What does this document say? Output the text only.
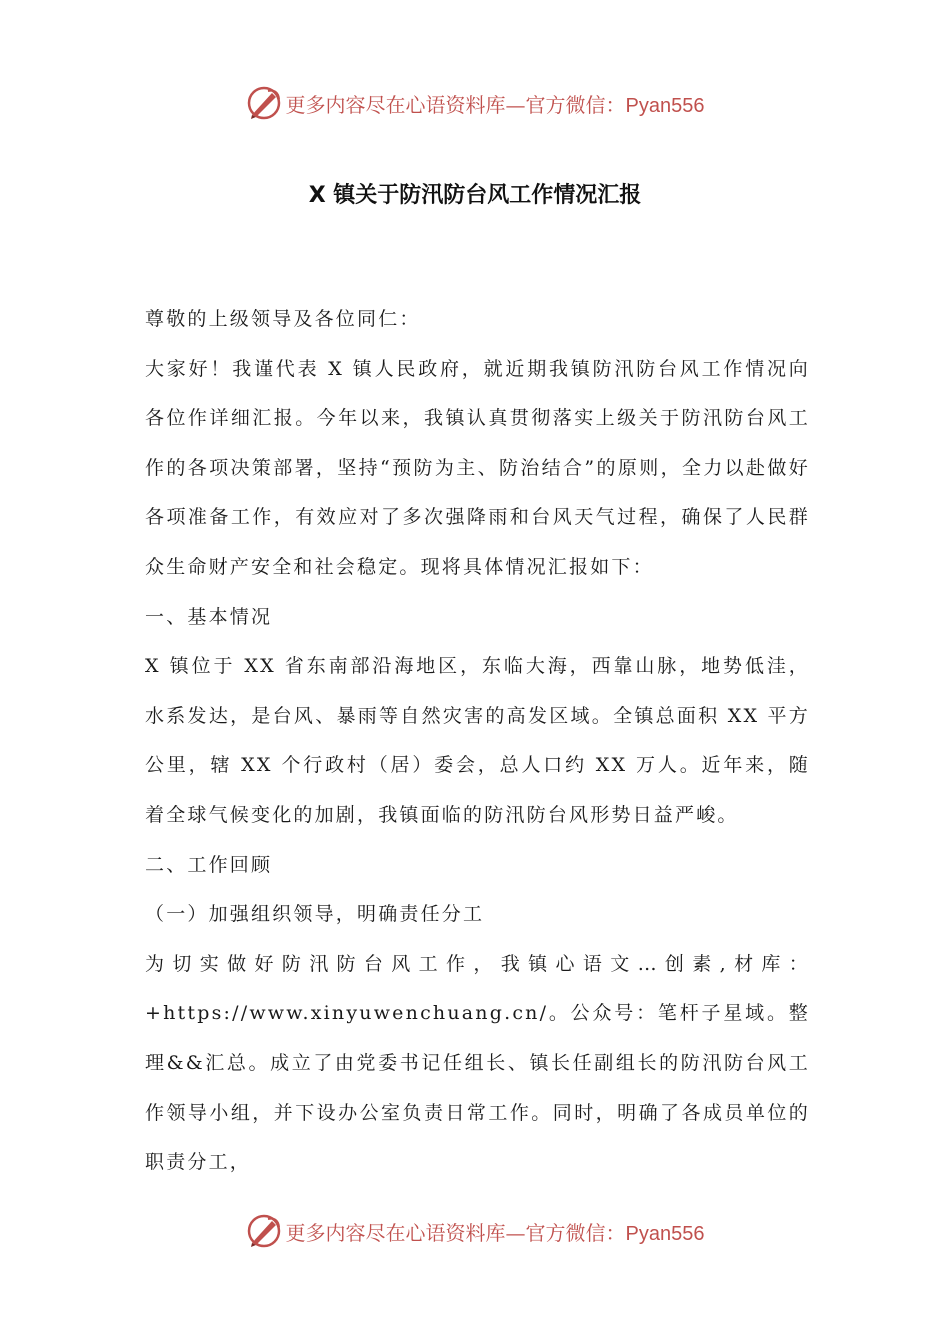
更多内容尽在心语资料库—官方微信：Pyan556
X 镇关于防汛防台风工作情况汇报

尊敬的上级领导及各位同仁：

大家好！我谨代表 X 镇人民政府，就近期我镇防汛防台风工作情况向各位作详细汇报。今年以来，我镇认真贯彻落实上级关于防汛防台风工作的各项决策部署，坚持“预防为主、防治结合”的原则，全力以赴做好各项准备工作，有效应对了多次强降雨和台风天气过程，确保了人民群众生命财产安全和社会稳定。现将具体情况汇报如下：

一、基本情况

X 镇位于 XX 省东南部沿海地区，东临大海，西靠山脉，地势低洼，水系发达，是台风、暴雨等自然灾害的高发区域。全镇总面积 XX 平方公里，辖 XX 个行政村（居）委会，总人口约 XX 万人。近年来，随着全球气候变化的加剧，我镇面临的防汛防台风形势日益严峻。

二、工作回顾

（一）加强组织领导，明确责任分工

为切实做好防汛防台风工作，我镇心语文…创素,材库：+https://www.xinyuwenchuang.cn/。公众号：笔杆子星域。整理&&汇总。成立了由党委书记任组长、镇长任副组长的防汛防台风工作领导小组，并下设办公室负责日常工作。同时，明确了各成员单位的职责分工，

更多内容尽在心语资料库—官方微信：Pyan556
